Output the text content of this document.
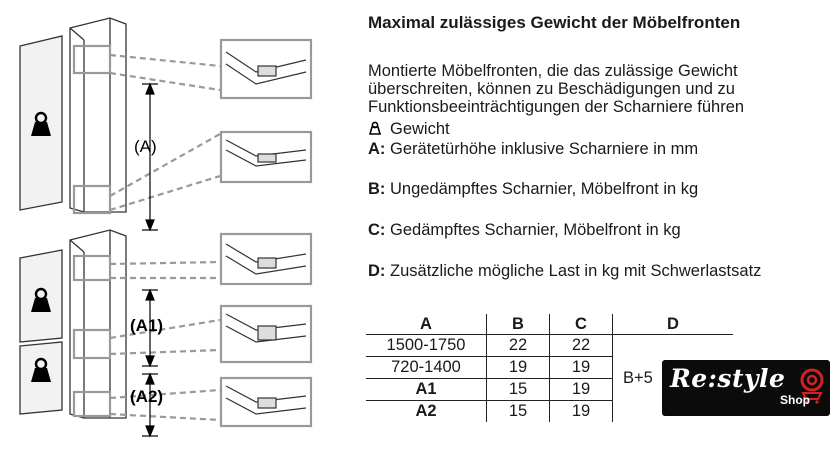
(A)
(A1)
(A2)
Maximal zulässiges Gewicht der Möbelfronten
Montierte Möbelfronten, die das zulässige Gewicht
überschreiten, können zu Beschädigungen und zu
Funktionsbeeinträchtigungen der Scharniere führen
Gewicht
A: Gerätetürhöhe inklusive Scharniere in mm
B: Ungedämpftes Scharnier, Möbelfront in kg
C: Gedämpftes Scharnier, Möbelfront in kg
D: Zusätzliche mögliche Last in kg mit Schwerlastsatz
A	B	C	D
1500-1750	22	22	B+5
720-1400	19	19	
A1	15	19	
A2	15	19	
Re:style
Shop
